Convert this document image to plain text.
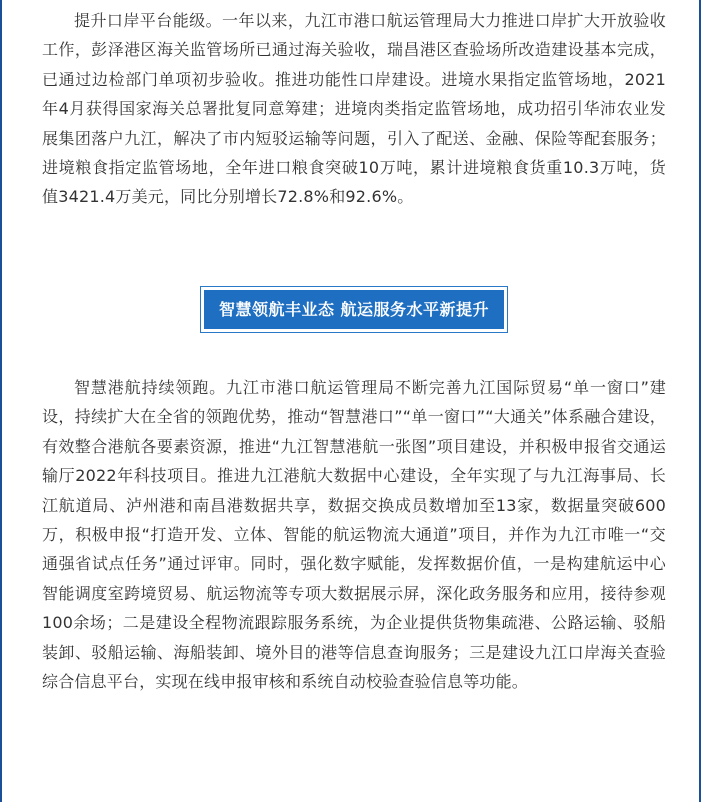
提升口岸平台能级。一年以来，九江市港口航运管理局大力推进口岸扩大开放验收工作，彭泽港区海关监管场所已通过海关验收，瑞昌港区查验场所改造建设基本完成，已通过边检部门单项初步验收。推进功能性口岸建设。进境水果指定监管场地，2021年4月获得国家海关总署批复同意筹建；进境肉类指定监管场地，成功招引华沛农业发展集团落户九江，解决了市内短驳运输等问题，引入了配送、金融、保险等配套服务；进境粮食指定监管场地，全年进口粮食突破10万吨，累计进境粮食货重10.3万吨，货值3421.4万美元，同比分别增长72.8%和92.6%。

智慧领航丰业态 航运服务水平新提升

智慧港航持续领跑。九江市港口航运管理局不断完善九江国际贸易“单一窗口”建设，持续扩大在全省的领跑优势，推动“智慧港口”“单一窗口”“大通关”体系融合建设，有效整合港航各要素资源，推进“九江智慧港航一张图”项目建设，并积极申报省交通运输厅2022年科技项目。推进九江港航大数据中心建设，全年实现了与九江海事局、长江航道局、泸州港和南昌港数据共享，数据交换成员数增加至13家，数据量突破600万，积极申报“打造开发、立体、智能的航运物流大通道”项目，并作为九江市唯一“交通强省试点任务”通过评审。同时，强化数字赋能，发挥数据价值，一是构建航运中心智能调度室跨境贸易、航运物流等专项大数据展示屏，深化政务服务和应用，接待参观100余场；二是建设全程物流跟踪服务系统，为企业提供货物集疏港、公路运输、驳船装卸、驳船运输、海船装卸、境外目的港等信息查询服务；三是建设九江口岸海关查验综合信息平台，实现在线申报审核和系统自动校验查验信息等功能。
